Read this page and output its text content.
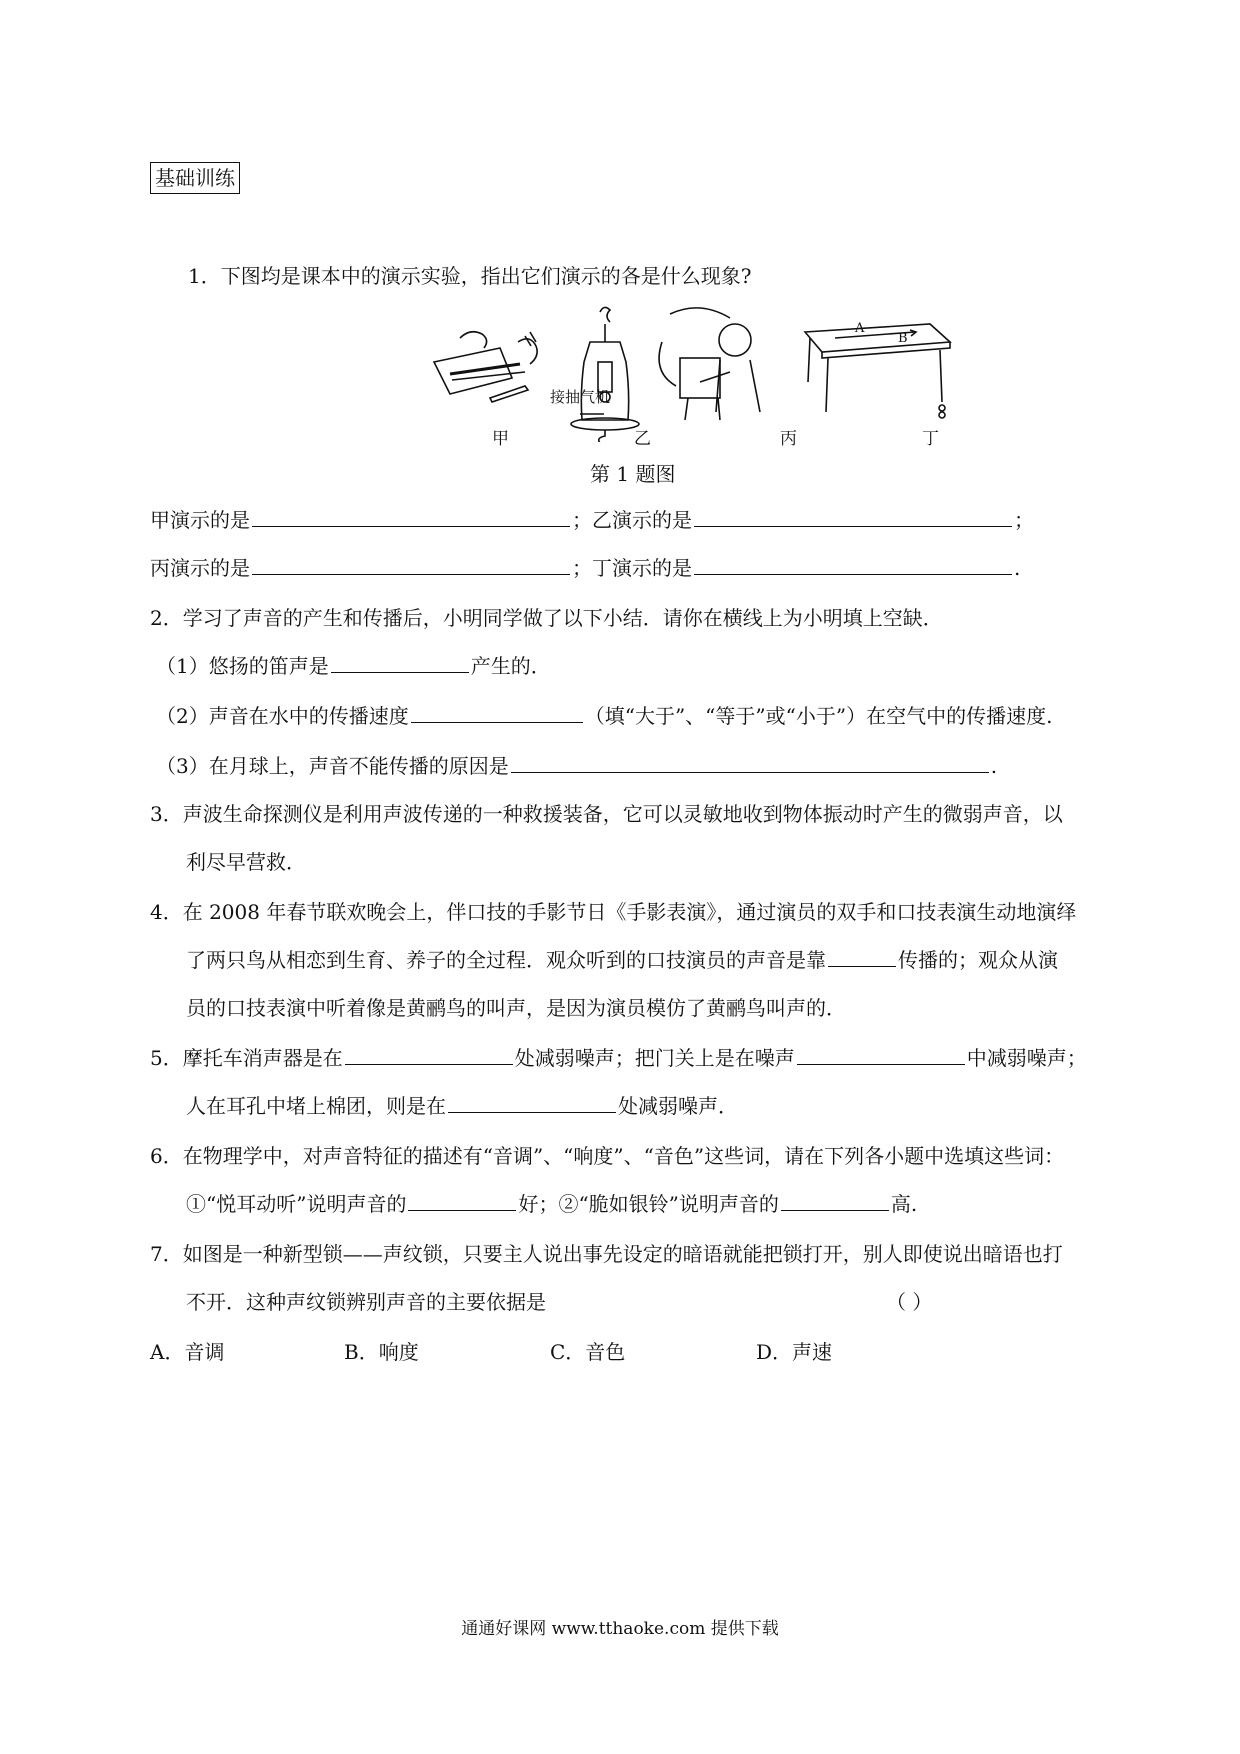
基础训练
1．下图均是课本中的演示实验，指出它们演示的各是什么现象?
A
B
接抽气机
甲	乙	丙	丁
第 1 题图
甲演示的是	；乙演示的是	；
丙演示的是	；丁演示的是	.
2．学习了声音的产生和传播后，小明同学做了以下小结．请你在横线上为小明填上空缺．
（1）悠扬的笛声是	产生的．
（2）声音在水中的传播速度	（填“大于”、“等于”或“小于”）在空气中的传播速度.
（3）在月球上，声音不能传播的原因是	.
3．声波生命探测仪是利用声波传递的一种救援装备，它可以灵敏地收到物体振动时产生的微弱声音，以
利尽早营救．
4．在 2008 年春节联欢晚会上，伴口技的手影节日《手影表演》，通过演员的双手和口技表演生动地演绎
了两只鸟从相恋到生育、养子的全过程．观众听到的口技演员的声音是靠	传播的；观众从演
员的口技表演中听着像是黄鹂鸟的叫声，是因为演员模仿了黄鹂鸟叫声的．
5．摩托车消声器是在	处减弱噪声；把门关上是在噪声	中减弱噪声；
人在耳孔中堵上棉团，则是在	处减弱噪声．
6．在物理学中，对声音特征的描述有“音调”、“响度”、“音色”这些词，请在下列各小题中选填这些词：
①“悦耳动听”说明声音的	好；②“脆如银铃”说明声音的	高.
7．如图是一种新型锁——声纹锁，只要主人说出事先设定的暗语就能把锁打开，别人即使说出暗语也打
不开．这种声纹锁辨别声音的主要依据是	（ ）
A．音调	B．响度	C．音色	D．声速
通通好课网 www.tthaoke.com 提供下载
